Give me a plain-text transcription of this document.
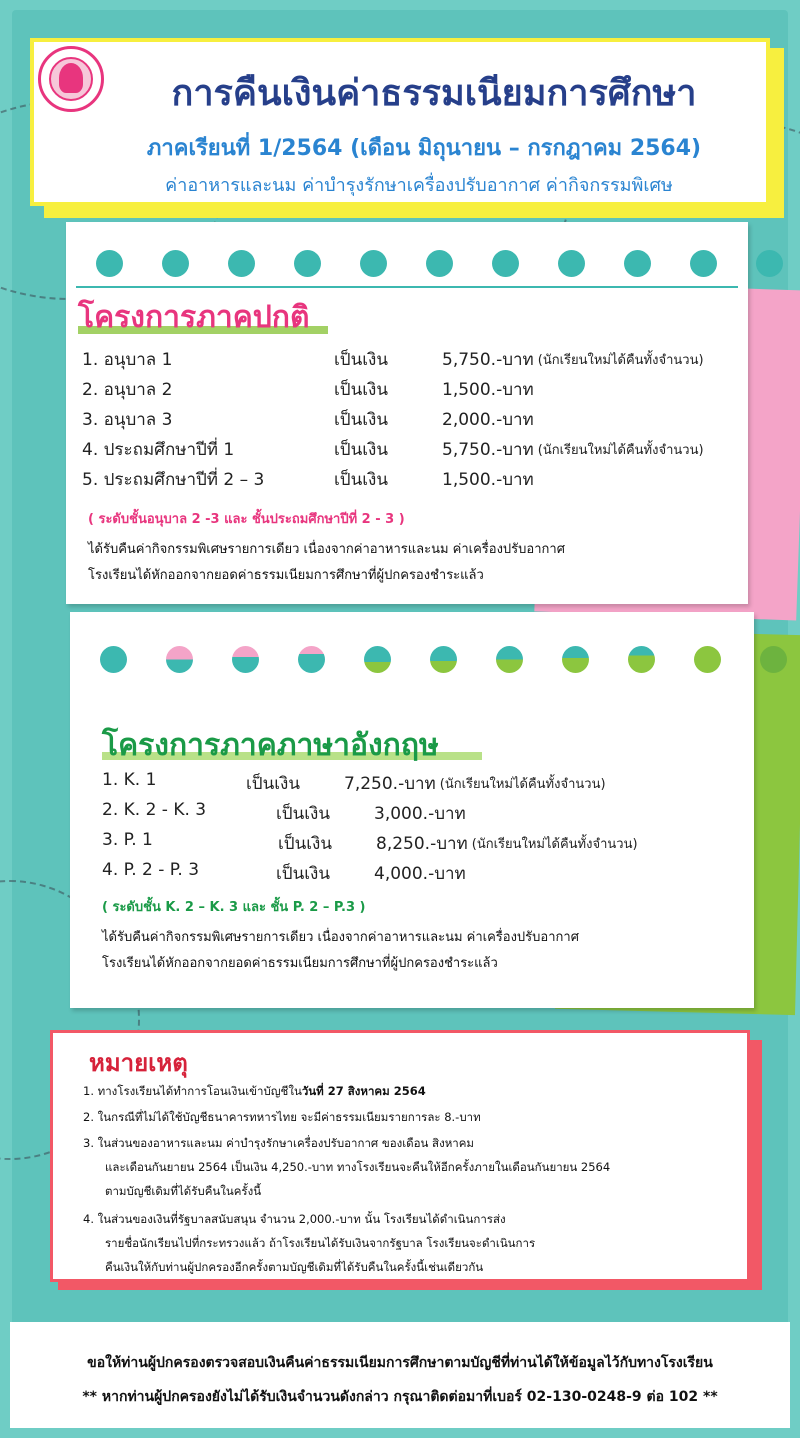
การคืนเงินค่าธรรมเนียมการศึกษา
ภาคเรียนที่ 1/2564 (เดือน มิถุนายน – กรกฎาคม 2564)
ค่าอาหารและนม ค่าบำรุงรักษาเครื่องปรับอากาศ ค่ากิจกรรมพิเศษ
โครงการภาคปกติ
1. อนุบาล 1	เป็นเงิน	5,750.-บาท (นักเรียนใหม่ได้คืนทั้งจำนวน)
2. อนุบาล 2	เป็นเงิน	1,500.-บาท
3. อนุบาล 3	เป็นเงิน	2,000.-บาท
4. ประถมศึกษาปีที่ 1	เป็นเงิน	5,750.-บาท (นักเรียนใหม่ได้คืนทั้งจำนวน)
5. ประถมศึกษาปีที่ 2 – 3	เป็นเงิน	1,500.-บาท
( ระดับชั้นอนุบาล 2 -3 และ ชั้นประถมศึกษาปีที่ 2 - 3 )
ได้รับคืนค่ากิจกรรมพิเศษรายการเดียว เนื่องจากค่าอาหารและนม ค่าเครื่องปรับอากาศ
โรงเรียนได้หักออกจากยอดค่าธรรมเนียมการศึกษาที่ผู้ปกครองชำระแล้ว
โครงการภาคภาษาอังกฤษ
1. K. 1	เป็นเงิน	7,250.-บาท (นักเรียนใหม่ได้คืนทั้งจำนวน)
2. K. 2 - K. 3	เป็นเงิน	3,000.-บาท
3. P. 1	เป็นเงิน	8,250.-บาท (นักเรียนใหม่ได้คืนทั้งจำนวน)
4. P. 2 - P. 3	เป็นเงิน	4,000.-บาท
( ระดับชั้น K. 2 – K. 3 และ ชั้น P. 2 – P.3 )
ได้รับคืนค่ากิจกรรมพิเศษรายการเดียว เนื่องจากค่าอาหารและนม ค่าเครื่องปรับอากาศ
โรงเรียนได้หักออกจากยอดค่าธรรมเนียมการศึกษาที่ผู้ปกครองชำระแล้ว
หมายเหตุ
1. ทางโรงเรียนได้ทำการโอนเงินเข้าบัญชีในวันที่ 27 สิงหาคม 2564
2. ในกรณีที่ไม่ได้ใช้บัญชีธนาคารทหารไทย จะมีค่าธรรมเนียมรายการละ 8.-บาท
3. ในส่วนของอาหารและนม ค่าบำรุงรักษาเครื่องปรับอากาศ ของเดือน สิงหาคม
และเดือนกันยายน 2564 เป็นเงิน 4,250.-บาท ทางโรงเรียนจะคืนให้อีกครั้งภายในเดือนกันยายน 2564
ตามบัญชีเดิมที่ได้รับคืนในครั้งนี้
4. ในส่วนของเงินที่รัฐบาลสนับสนุน จำนวน 2,000.-บาท นั้น โรงเรียนได้ดำเนินการส่ง
รายชื่อนักเรียนไปที่กระทรวงแล้ว ถ้าโรงเรียนได้รับเงินจากรัฐบาล โรงเรียนจะดำเนินการ
คืนเงินให้กับท่านผู้ปกครองอีกครั้งตามบัญชีเดิมที่ได้รับคืนในครั้งนี้เช่นเดียวกัน
ขอให้ท่านผู้ปกครองตรวจสอบเงินคืนค่าธรรมเนียมการศึกษาตามบัญชีที่ท่านได้ให้ข้อมูลไว้กับทางโรงเรียน
** หากท่านผู้ปกครองยังไม่ได้รับเงินจำนวนดังกล่าว กรุณาติดต่อมาที่เบอร์ 02-130-0248-9 ต่อ 102 **
